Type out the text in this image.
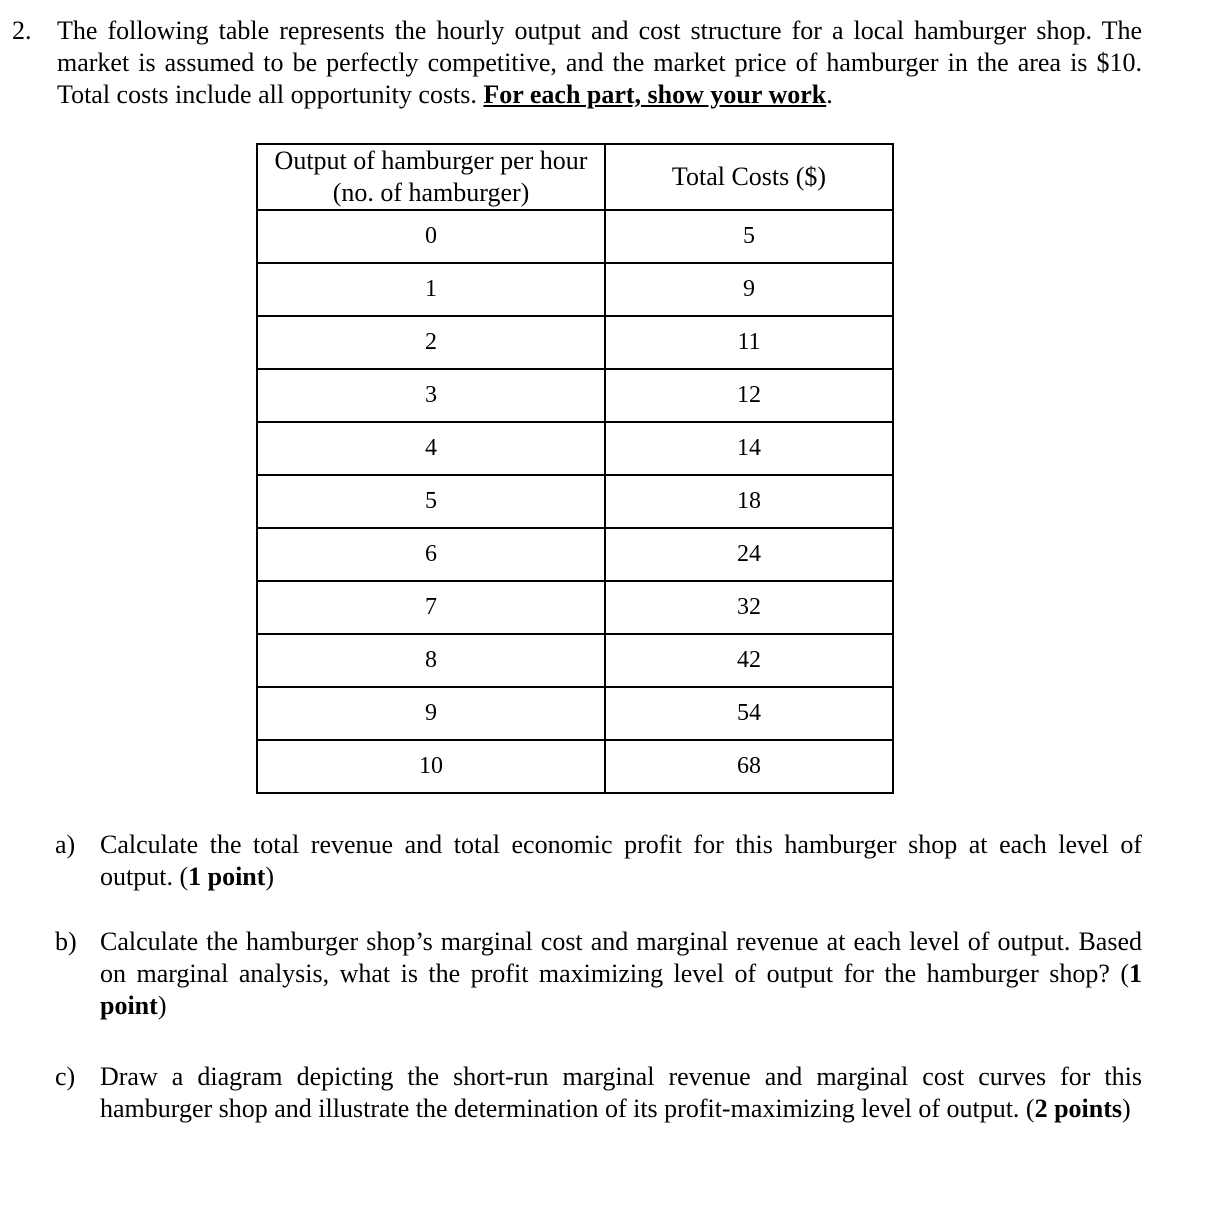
2. The following table represents the hourly output and cost structure for a local hamburger shop. The market is assumed to be perfectly competitive, and the market price of hamburger in the area is $10. Total costs include all opportunity costs. For each part, show your work.
Output of hamburger per hour (no. of hamburger)	Total Costs ($)
0	5
1	9
2	11
3	12
4	14
5	18
6	24
7	32
8	42
9	54
10	68
a) Calculate the total revenue and total economic profit for this hamburger shop at each level of output. (1 point)
b) Calculate the hamburger shop’s marginal cost and marginal revenue at each level of output. Based on marginal analysis, what is the profit maximizing level of output for the hamburger shop? (1 point)
c) Draw a diagram depicting the short-run marginal revenue and marginal cost curves for this hamburger shop and illustrate the determination of its profit-maximizing level of output. (2 points)
